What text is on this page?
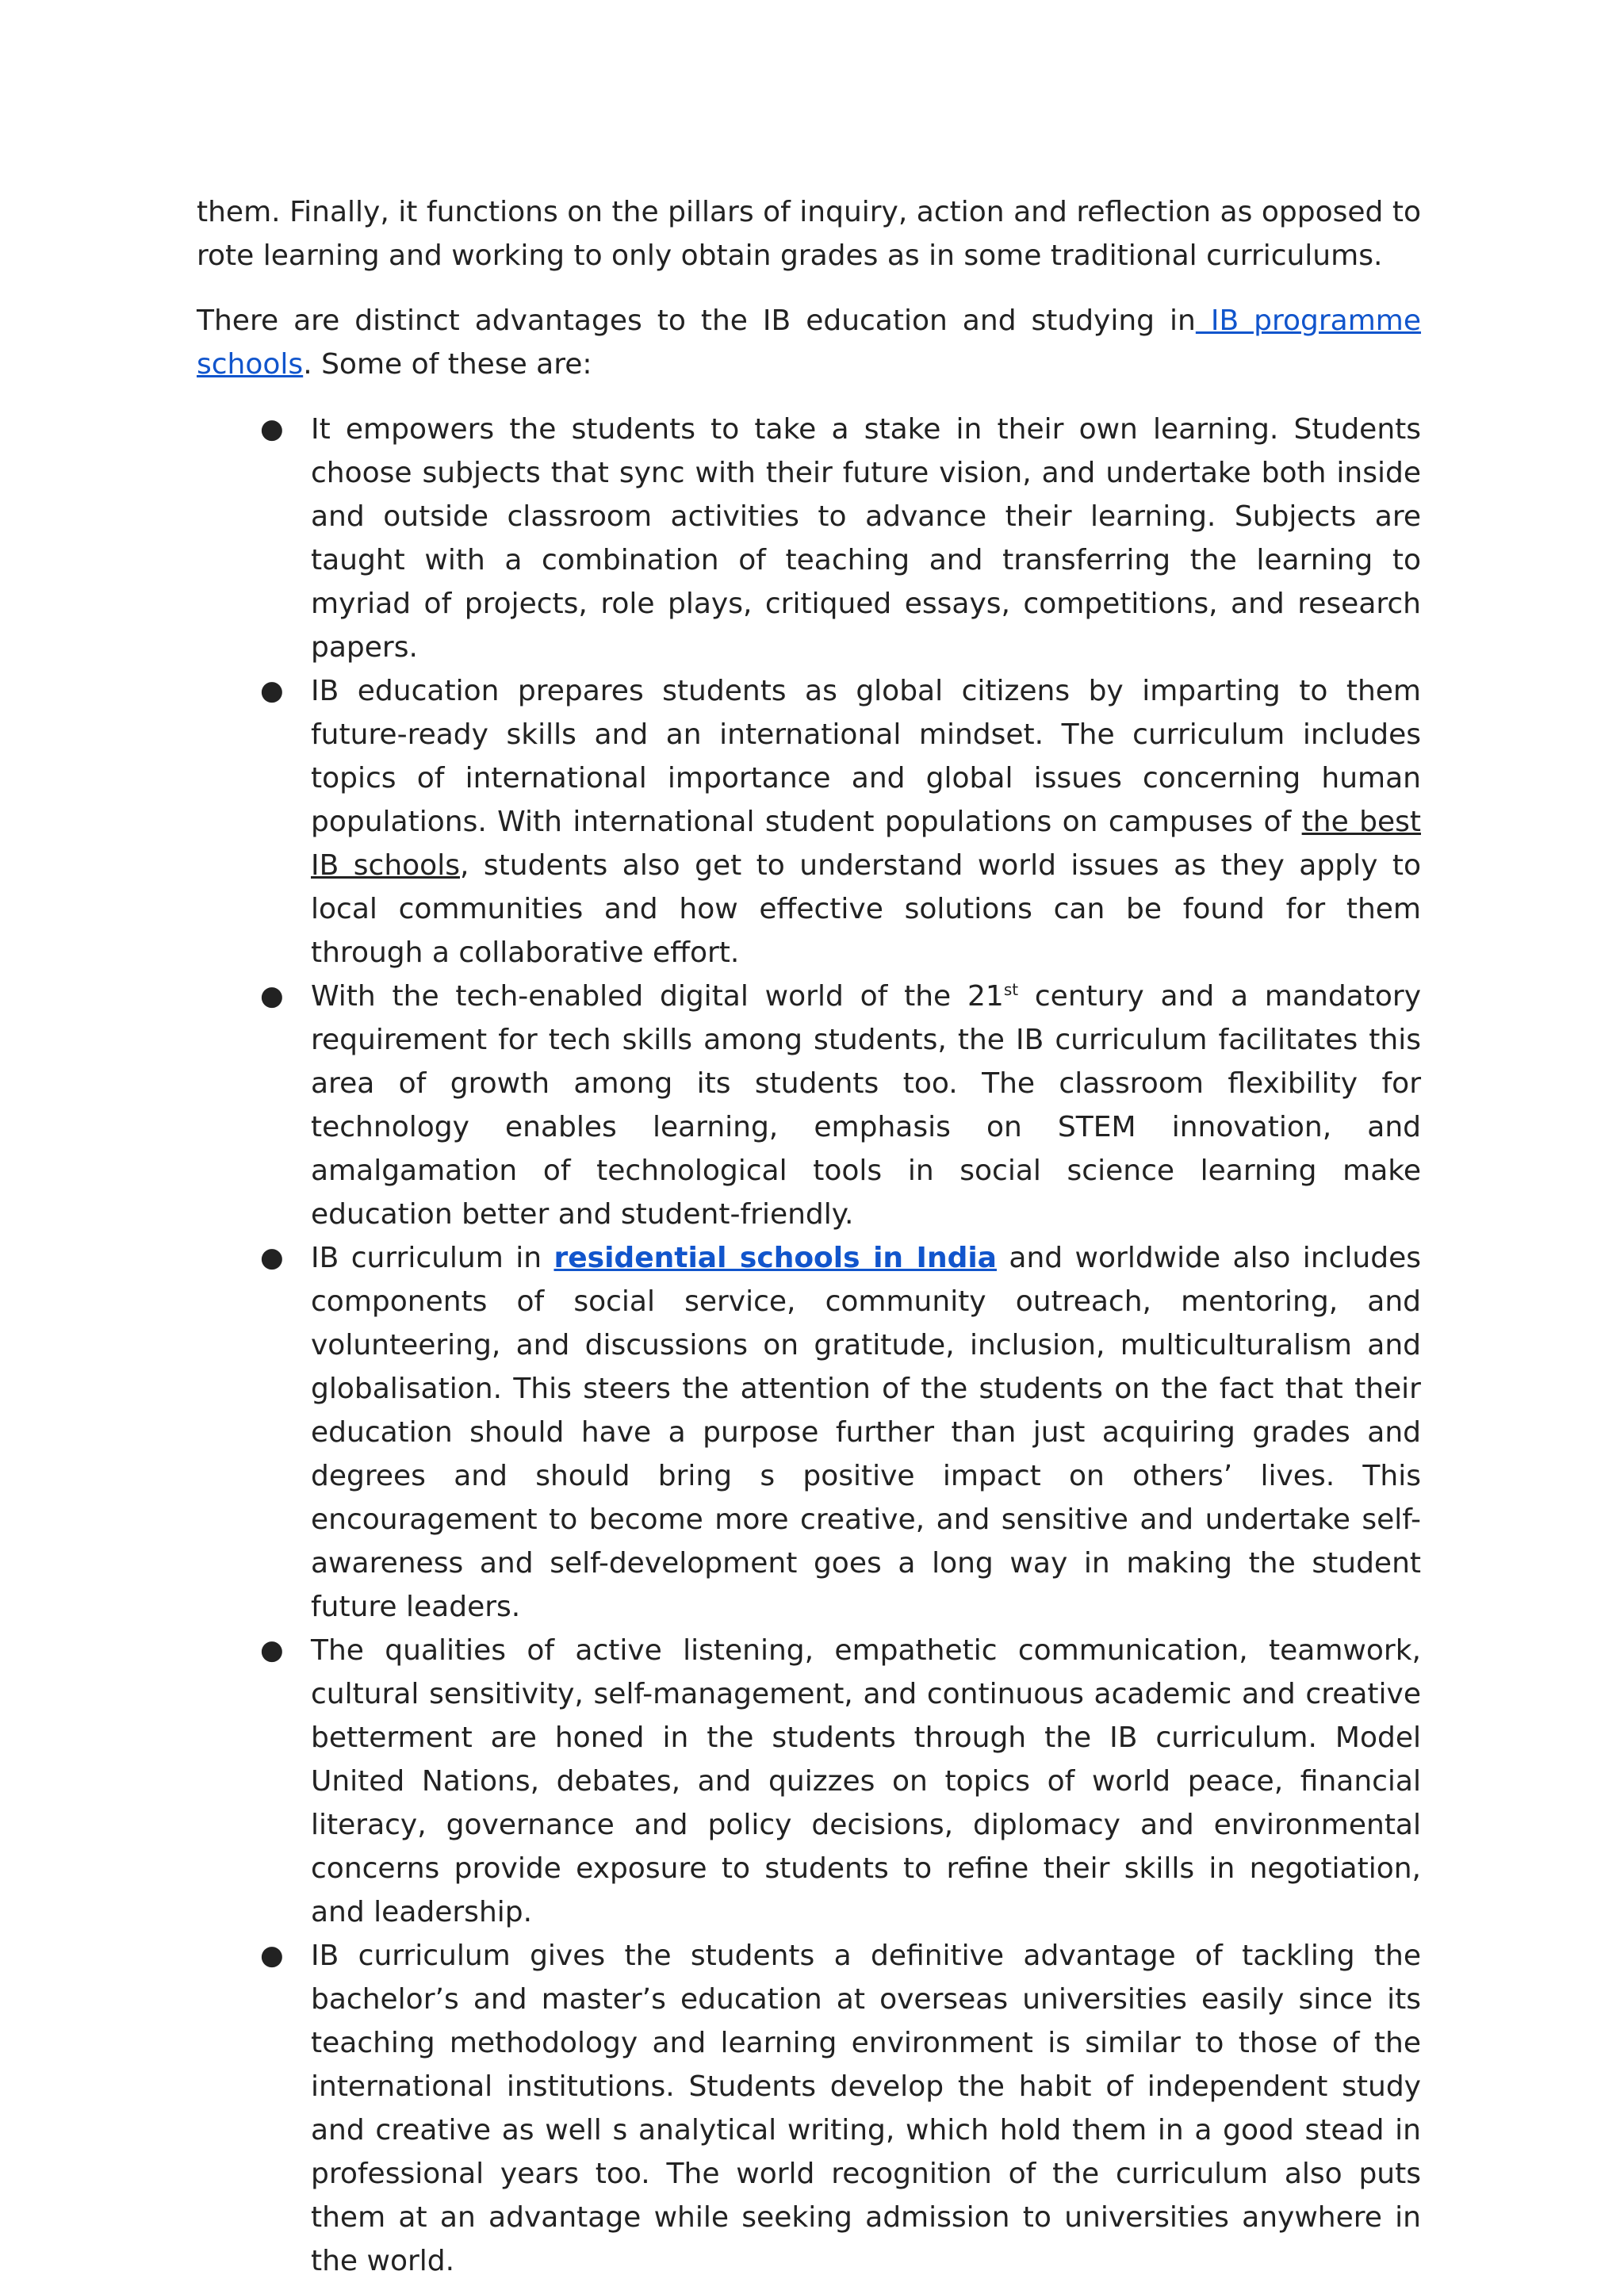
them. Finally, it functions on the pillars of inquiry, action and reflection as opposed to rote learning and working to only obtain grades as in some traditional curriculums.

There are distinct advantages to the IB education and studying in IB programme schools. Some of these are:

● It empowers the students to take a stake in their own learning. Students choose subjects that sync with their future vision, and undertake both inside and outside classroom activities to advance their learning. Subjects are taught with a combination of teaching and transferring the learning to myriad of projects, role plays, critiqued essays, competitions, and research papers.
● IB education prepares students as global citizens by imparting to them future-ready skills and an international mindset. The curriculum includes topics of international importance and global issues concerning human populations. With international student populations on campuses of the best IB schools, students also get to understand world issues as they apply to local communities and how effective solutions can be found for them through a collaborative effort.
● With the tech-enabled digital world of the 21st century and a mandatory requirement for tech skills among students, the IB curriculum facilitates this area of growth among its students too. The classroom flexibility for technology enables learning, emphasis on STEM innovation, and amalgamation of technological tools in social science learning make education better and student-friendly.
● IB curriculum in residential schools in India and worldwide also includes components of social service, community outreach, mentoring, and volunteering, and discussions on gratitude, inclusion, multiculturalism and globalisation. This steers the attention of the students on the fact that their education should have a purpose further than just acquiring grades and degrees and should bring s positive impact on others’ lives. This encouragement to become more creative, and sensitive and undertake self-awareness and self-development goes a long way in making the student future leaders.
● The qualities of active listening, empathetic communication, teamwork, cultural sensitivity, self-management, and continuous academic and creative betterment are honed in the students through the IB curriculum. Model United Nations, debates, and quizzes on topics of world peace, financial literacy, governance and policy decisions, diplomacy and environmental concerns provide exposure to students to refine their skills in negotiation, and leadership.
● IB curriculum gives the students a definitive advantage of tackling the bachelor’s and master’s education at overseas universities easily since its teaching methodology and learning environment is similar to those of the international institutions. Students develop the habit of independent study and creative as well s analytical writing, which hold them in a good stead in professional years too. The world recognition of the curriculum also puts them at an advantage while seeking admission to universities anywhere in the world.
